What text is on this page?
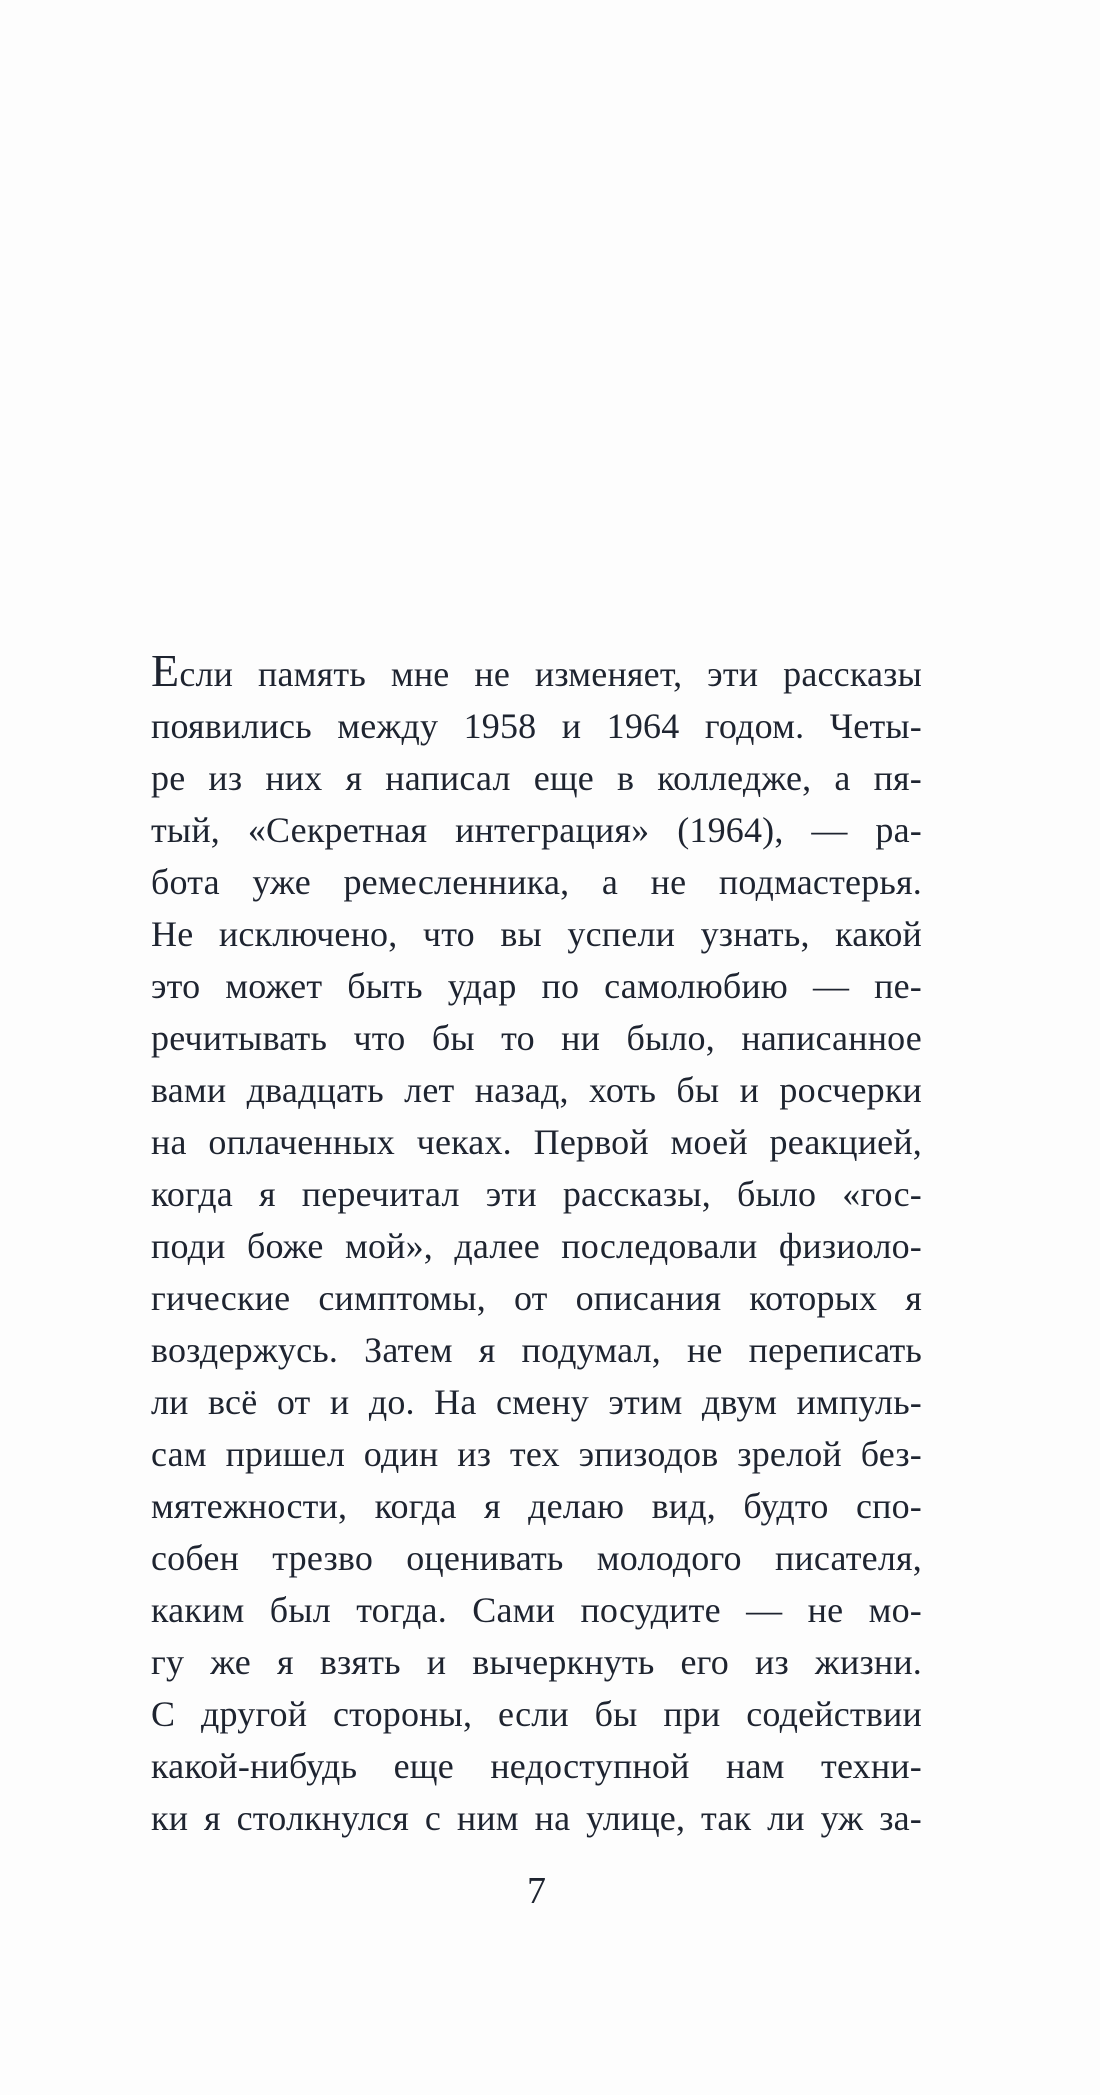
Если память мне не изменяет, эти рассказы
появились между 1958 и 1964 годом. Четы-
ре из них я написал еще в колледже, а пя-
тый, «Секретная интеграция» (1964), — ра-
бота уже ремесленника, а не подмастерья.
Не исключено, что вы успели узнать, какой
это может быть удар по самолюбию — пе-
речитывать что бы то ни было, написанное
вами двадцать лет назад, хоть бы и росчерки
на оплаченных чеках. Первой моей реакцией,
когда я перечитал эти рассказы, было «гос-
поди боже мой», далее последовали физиоло-
гические симптомы, от описания которых я
воздержусь. Затем я подумал, не переписать
ли всё от и до. На смену этим двум импуль-
сам пришел один из тех эпизодов зрелой без-
мятежности, когда я делаю вид, будто спо-
собен трезво оценивать молодого писателя,
каким был тогда. Сами посудите — не мо-
гу же я взять и вычеркнуть его из жизни.
С другой стороны, если бы при содействии
какой-нибудь еще недоступной нам техни-
ки я столкнулся с ним на улице, так ли уж за-
7
